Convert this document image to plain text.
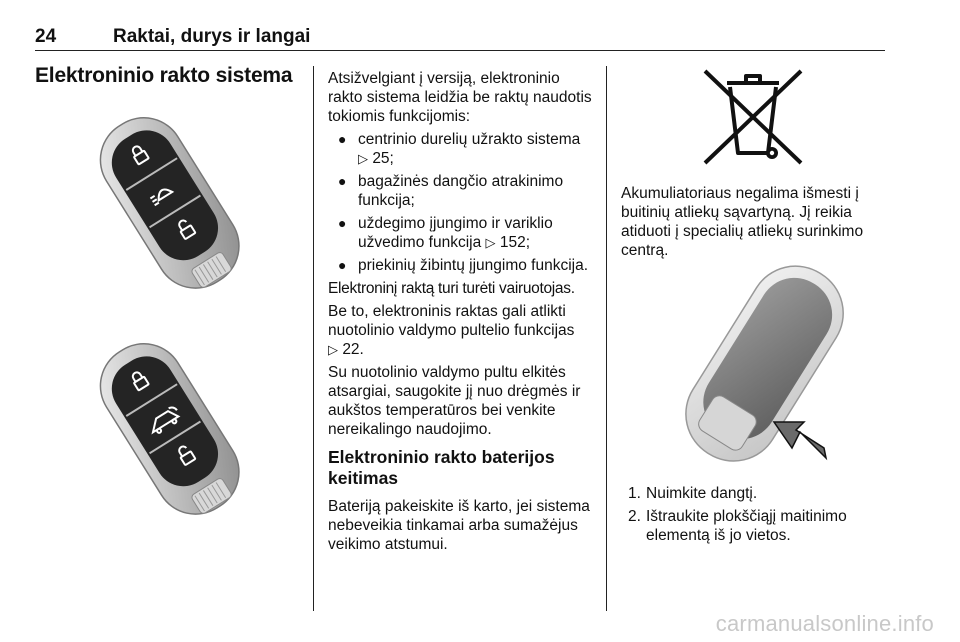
24	Raktai, durys ir langai
Elektroninio rakto sistema Atsižvelgiant į versiją, elektroninio rakto sistema leidžia be raktų naudotis tokiomis funkcijomis:

● centrinio durelių užrakto sistema
▷ 25;
● bagažinės dangčio atrakinimo funkcija;
● uždegimo įjungimo ir variklio užvedimo funkcija ▷ 152;
● priekinių žibintų įjungimo funkcija.

Elektroninį raktą turi turėti vairuotojas.

Be to, elektroninis raktas gali atlikti nuotolinio valdymo pultelio funkcijas
▷ 22.

Su nuotolinio valdymo pultu elkitės atsargiai, saugokite jį nuo drėgmės ir aukštos temperatūros bei venkite nereikalingo naudojimo.

Elektroninio rakto baterijos keitimas

Bateriją pakeiskite iš karto, jei sistema nebeveikia tinkamai arba sumažėjus veikimo atstumui.

Akumuliatoriaus negalima išmesti į buitinių atliekų sąvartyną. Jį reikia atiduoti į specialių atliekų surinkimo centrą.

1. Nuimkite dangtį.
2. Ištraukite plokščiąjį maitinimo elementą iš jo vietos.
carmanualsonline.info
